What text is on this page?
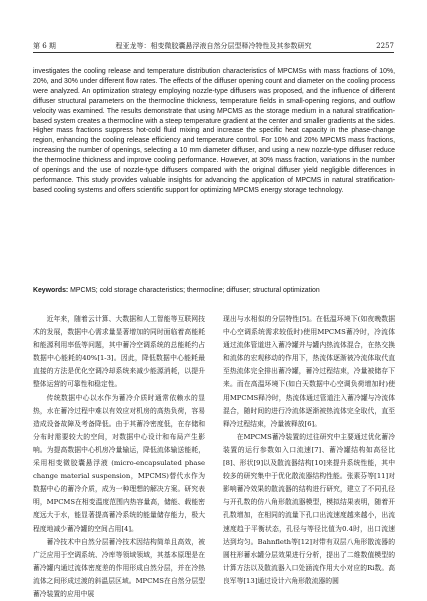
第 6 期	程亚龙等：相变微胶囊悬浮液自然分层型释冷特性及其参数研究	2257

investigates the cooling release and temperature distribution characteristics of MPCMSs with mass fractions of 10%, 20%, and 30% under different flow rates. The effects of the diffuser opening count and diameter on the cooling process were analyzed. An optimization strategy employing nozzle-type diffusers was proposed, and the influence of different diffuser structural parameters on the thermocline thickness, temperature fields in small-opening regions, and outflow velocity was examined. The results demonstrate that using MPCMS as the storage medium in a natural stratification-based system creates a thermocline with a steep temperature gradient at the center and smaller gradients at the sides. Higher mass fractions suppress hot-cold fluid mixing and increase the specific heat capacity in the phase-change region, enhancing the cooling release efficiency and temperature control. For 10% and 20% MPCMS mass fractions, increasing the number of openings, selecting a 10 mm diameter diffuser, and using a new nozzle-type diffuser reduce the thermocline thickness and improve cooling performance. However, at 30% mass fraction, variations in the number of openings and the use of nozzle-type diffusers compared with the original diffuser yield negligible differences in performance. This study provides valuable insights for advancing the application of MPCMS in natural stratification-based cooling systems and offers scientific support for optimizing MPCMS energy storage technology.

Keywords: MPCMS; cold storage characteristics; thermocline; diffuser; structural optimization

近年来，随着云计算、大数据和人工智能等互联网技术的发展，数据中心需求量显著增加的同时面临着高能耗和能源利用率低等问题，其中蓄冷空调系统的总能耗约占数据中心能耗的40%[1-3]。因此，降低数据中心能耗最直接的方法是优化空调冷却系统来减少能源消耗，以提升整体运营的可靠性和稳定性。

传统数据中心以水作为蓄冷介质时通常依赖水的显热，水在蓄冷过程中难以有效应对机房的高热负荷，容易造成设备故障及考备降低。由于其蓄冷密度低，在存储和分布时需要较大的空间，对数据中心设计和布局产生影响。为提高数据中心机房冷量输运，降低流体输送能耗，采用相变微胶囊悬浮液 (micro-encapsulated phase change material suspension，MPCMS)替代水作为数据中心的蓄冷介质，成为一种理想的解决方案。研究表明，MPCMS在相变温度范围内热容量高，储能、载能密度远大于水，能显著提高蓄冷系统的能量储存能力，极大程度地减少蓄冷罐的空间占用[4]。

蓄冷技术中自然分层蓄冷技术因结构简单且高效，被广泛应用于空调系统、冷库等领域领域，其基本原理是在蓄冷罐内通过流体密度差的作用形成自然分层，并在冷热流体之间形成过渡的斜温层区域。MPCMS在自然分层型蓄冷装置的应用中展

现出与水相似的分层特性[5]。在低温环境下(如夜晚数据中心空调系统需求较低时)使用MPCMS蓄冷时，冷流体通过流体管道进入蓄冷罐并与罐内热流体混合，在热交换和流体的宏观移动的作用下，热流体逐渐被冷流体取代直至热流体完全排出蓄冷罐，蓄冷过程结束，冷量被储存下来。而在高温环境下(如白天数据中心空调负荷增加时)使用MPCMS释冷时，热流体通过管道注入蓄冷罐与冷流体混合，随时间的进行冷流体逐渐被热流体完全取代，直至释冷过程结束，冷量被释放[6]。

在MPCMS蓄冷装置的过往研究中主要通过优化蓄冷装置的运行参数如入口流速[7]、蓄冷罐结构如高径比[8]、形状[9]以及散流器结构[10]来提升系统性能，其中较多的研究集中于优化散流器结构性能。张素芬等[11]对影响蓄冷效果的散流器的结构进行研究，建立了不同孔径与开孔数的仿八角形散流器模型，模拟结果表明，随着开孔数增加，在相同的流量下孔口出流速度越来越小，出流速度趋于平衡状态，孔径与等径比值为0.4时，出口流速达到均匀。Bahnfleth等[12]对带有双层八角形散流器的圆柱形蓄水罐分层效果进行分析，提出了二维数值模型的计算方法以及散流器入口处涵流作用大小对应的Ri数。高良军等[13]通过设计六角形散流器的圆
